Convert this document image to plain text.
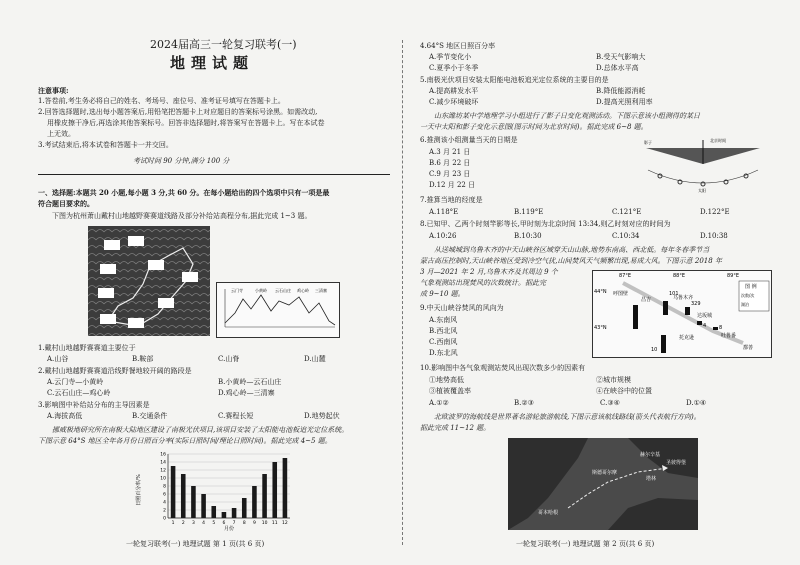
2024届高三一轮复习联考(一)
地理试题
注意事项:
1.答卷前,考生务必将自己的姓名、考场号、座位号、准考证号填写在答题卡上。
2.回答选择题时,选出每小题答案后,用铅笔把答题卡上对应题目的答案标号涂黑。如需改动,
用橡皮擦干净后,再选涂其他答案标号。回答非选择题时,将答案写在答题卡上。写在本试卷
上无效。
3.考试结束后,将本试卷和答题卡一并交回。
考试时间 90 分钟,满分 100 分
一、选择题:本题共 20 小题,每小题 3 分,共 60 分。在每小题给出的四个选项中只有一项是最
符合题目要求的。
下图为杭州萧山戴村山地越野赛赛道线路及部分补给站高程分布,据此完成 1~3 题。
云门寺	小黄岭 云石山庄 鸡心岭 三清寨
1.戴村山地越野赛赛道主要位于
A.山谷	B.鞍部	C.山脊	D.山麓
2.戴村山地越野赛赛道沿线野餐地较开阔的路段是
A.云门寺—小黄岭	B.小黄岭—云石山庄
C.云石山庄—鸡心岭	D.鸡心岭—三清寨
3.影响图中补给站分布的主导因素是
A.海拔高低	B.交通条件	C.赛程长短	D.地势起伏
挪威极地研究所在南极大陆地区建设了南极光伏项目,该项目安装了太阳能电池板追光定位系统。
下图示意 64°S 地区全年各月份日照百分率(实际日照时间/理论日照时间)。据此完成 4~5 题。
0
2
4
6
8
10
12
14
16
1 2 3 4 5 6 7 8 9 10 11 12
日照百分率/%
月份
一轮复习联考(一) 地理试题 第 1 页(共 6 页)
4.64°S 地区日照百分率
A.季节变化小	B.受天气影响大
C.夏季小于冬季	D.总体水平高
5.南极光伏项目安装太阳能电池板追光定位系统的主要目的是
A.提高耕发水平	B.降低能源消耗
C.减少环境破坏	D.提高光照利用率
山东潍坊某中学地理学习小组进行了影子日变化观测活动。下图示意该小组测得的某日
一天中太阳和影子变化示意图(图示时间为北京时间)。据此完成 6~8 题。
6.推测该小组测量当天的日期是
A.3 月 21 日
B.6 月 22 日
C.9 月 23 日
D.12 月 22 日
北京时间
影子
太阳
7.推算当地的经度是
A.118°E	B.119°E	C.121°E	D.122°E
8.已知甲、乙两个时刻竿影等长,甲时刻为北京时间 13:34,则乙时刻对应的时间为
A.10:26	B.10:30	C.10:34	D.10:38
从送城城到乌鲁木齐的中天山峡谷区域穿天山山脉,地势东南高、西北低。每年冬春季节当
蒙古高压控制时,天山峡谷地区受到冷空气扰,山间焚风天气频繁出现,易成大风。下图示意 2018 年
3 月—2021 年 2 月,乌鲁木齐及其周边 9 个
气象观测站出现焚风的次数统计。据此完
成 9~10 题。
87°E	88°E	89°E
44°N
43°N
呼图壁
昌吉	乌鲁木齐
达坂城
托克逊	吐鲁番
鄯善
101
329
4	8
10
图 例
次数/次
湖泊
9.中天山峡谷焚风的风向为
A.东南风
B.西北风
C.西南风
D.东北风
10.影响图中各气象观测站焚风出现次数多少的因素有
①地势高低	②城市规模
③植被覆盖率	④在峡谷中的位置
A.①②	B.②③	C.③④	D.①④
北欧波罗的海航线是世界著名游轮旅游航线,下图示意该航线路线(箭头代表航行方向)。
据此完成 11~12 题。
赫尔辛基
塔林
斯德哥尔摩
哥本哈根
圣彼得堡
一轮复习联考(一) 地理试题 第 2 页(共 6 页)
